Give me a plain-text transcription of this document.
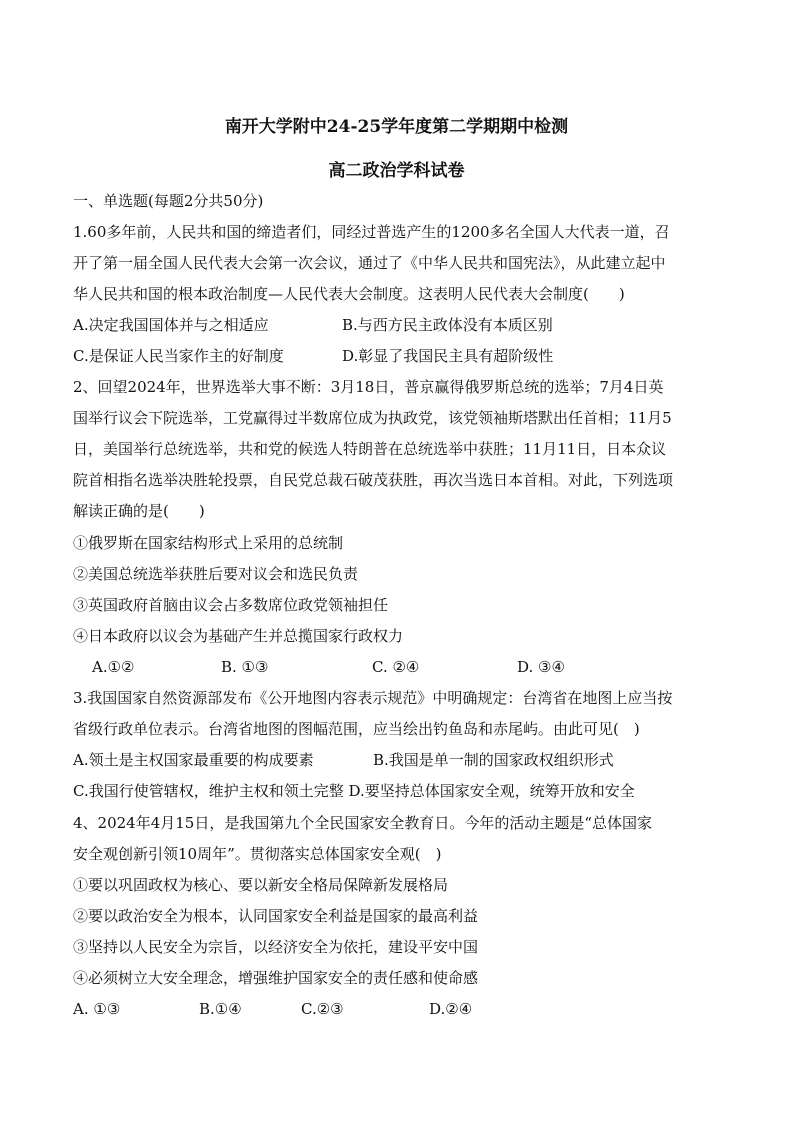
南开大学附中24-25学年度第二学期期中检测
高二政治学科试卷
一、单选题(每题2分共50分)
1.60多年前，人民共和国的缔造者们，同经过普选产生的1200多名全国人大代表一道，召
开了第一届全国人民代表大会第一次会议，通过了《中华人民共和国宪法》，从此建立起中
华人民共和国的根本政治制度—人民代表大会制度。这表明人民代表大会制度(　　)
A.决定我国国体并与之相适应	B.与西方民主政体没有本质区别
C.是保证人民当家作主的好制度	D.彰显了我国民主具有超阶级性
2、回望2024年，世界选举大事不断：3月18日，普京赢得俄罗斯总统的选举；7月4日英
国举行议会下院选举，工党赢得过半数席位成为执政党，该党领袖斯塔默出任首相；11月5
日，美国举行总统选举，共和党的候选人特朗普在总统选举中获胜；11月11日，日本众议
院首相指名选举决胜轮投票，自民党总裁石破茂获胜，再次当选日本首相。对此，下列选项
解读正确的是(　　)
①俄罗斯在国家结构形式上采用的总统制
②美国总统选举获胜后要对议会和选民负责
③英国政府首脑由议会占多数席位政党领袖担任
④日本政府以议会为基础产生并总揽国家行政权力
A.①②	B. ①③	C. ②④	D. ③④
3.我国国家自然资源部发布《公开地图内容表示规范》中明确规定：台湾省在地图上应当按
省级行政单位表示。台湾省地图的图幅范围，应当绘出钓鱼岛和赤尾屿。由此可见(　)
A.领土是主权国家最重要的构成要素	B.我国是单一制的国家政权组织形式
C.我国行使管辖权，维护主权和领土完整 D.要坚持总体国家安全观，统筹开放和安全
4、2024年4月15日，是我国第九个全民国家安全教育日。今年的活动主题是“总体国家
安全观创新引领10周年”。贯彻落实总体国家安全观(　)
①要以巩固政权为核心、要以新安全格局保障新发展格局
②要以政治安全为根本，认同国家安全利益是国家的最高利益
③坚持以人民安全为宗旨，以经济安全为依托，建设平安中国
④必须树立大安全理念，增强维护国家安全的责任感和使命感
A. ①③	B.①④	C.②③	D.②④
